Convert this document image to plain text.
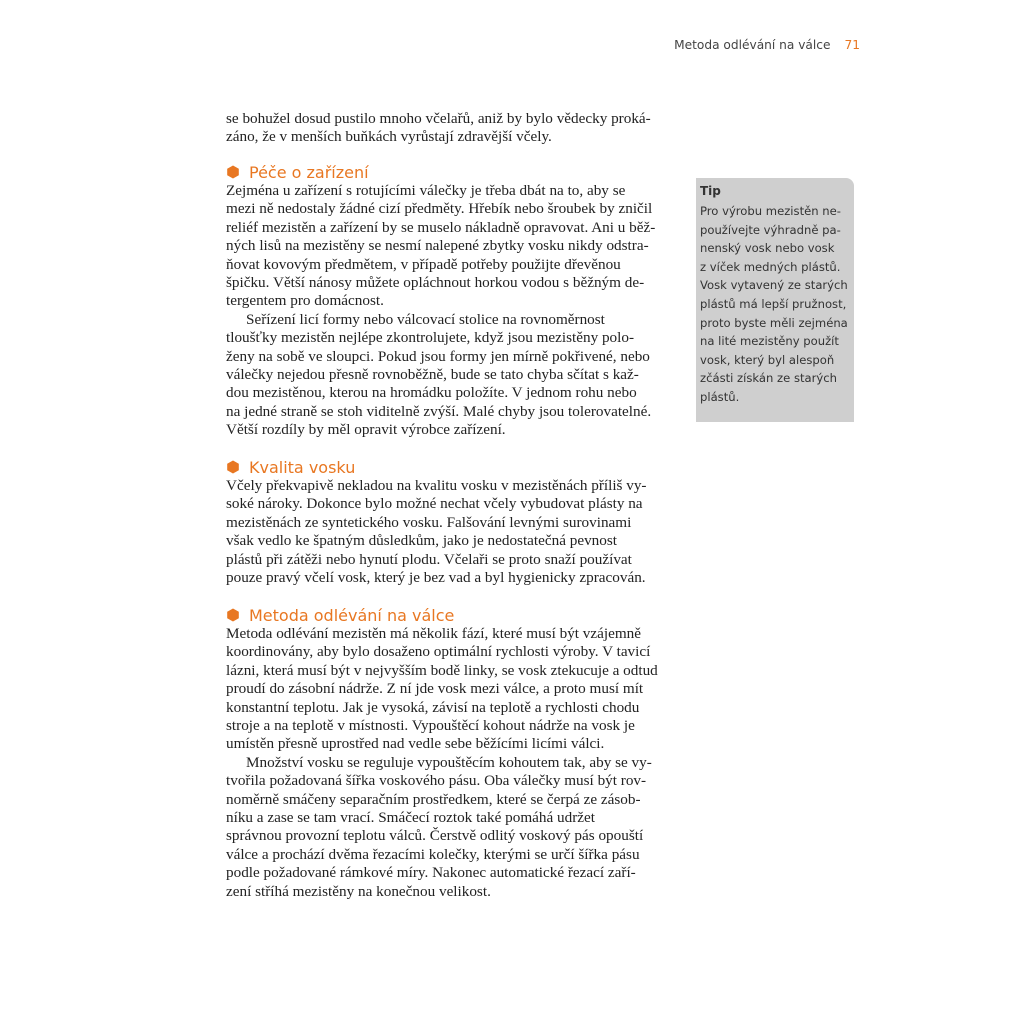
Metoda odlévání na válce 71
se bohužel dosud pustilo mnoho včelařů, aniž by bylo vědecky proká-
záno, že v menších buňkách vyrůstají zdravější včely.
Péče o zařízení
Zejména u zařízení s rotujícími válečky je třeba dbát na to, aby se
mezi ně nedostaly žádné cizí předměty. Hřebík nebo šroubek by zničil
reliéf mezistěn a zařízení by se muselo nákladně opravovat. Ani u běž-
ných lisů na mezistěny se nesmí nalepené zbytky vosku nikdy odstra-
ňovat kovovým předmětem, v případě potřeby použijte dřevěnou
špičku. Větší nánosy můžete opláchnout horkou vodou s běžným de-
tergentem pro domácnost.
Seřízení licí formy nebo válcovací stolice na rovnoměrnost
tloušťky mezistěn nejlépe zkontrolujete, když jsou mezistěny polo-
ženy na sobě ve sloupci. Pokud jsou formy jen mírně pokřivené, nebo
válečky nejedou přesně rovnoběžně, bude se tato chyba sčítat s kaž-
dou mezistěnou, kterou na hromádku položíte. V jednom rohu nebo
na jedné straně se stoh viditelně zvýší. Malé chyby jsou tolerovatelné.
Větší rozdíly by měl opravit výrobce zařízení.
Kvalita vosku
Včely překvapivě nekladou na kvalitu vosku v mezistěnách příliš vy-
soké nároky. Dokonce bylo možné nechat včely vybudovat plásty na
mezistěnách ze syntetického vosku. Falšování levnými surovinami
však vedlo ke špatným důsledkům, jako je nedostatečná pevnost
plástů při zátěži nebo hynutí plodu. Včelaři se proto snaží používat
pouze pravý včelí vosk, který je bez vad a byl hygienicky zpracován.
Metoda odlévání na válce
Metoda odlévání mezistěn má několik fází, které musí být vzájemně
koordinovány, aby bylo dosaženo optimální rychlosti výroby. V tavicí
lázni, která musí být v nejvyšším bodě linky, se vosk ztekucuje a odtud
proudí do zásobní nádrže. Z ní jde vosk mezi válce, a proto musí mít
konstantní teplotu. Jak je vysoká, závisí na teplotě a rychlosti chodu
stroje a na teplotě v místnosti. Vypouštěcí kohout nádrže na vosk je
umístěn přesně uprostřed nad vedle sebe běžícími licími válci.
Množství vosku se reguluje vypouštěcím kohoutem tak, aby se vy-
tvořila požadovaná šířka voskového pásu. Oba válečky musí být rov-
noměrně smáčeny separačním prostředkem, které se čerpá ze zásob-
níku a zase se tam vrací. Smáčecí roztok také pomáhá udržet
správnou provozní teplotu válců. Čerstvě odlitý voskový pás opouští
válce a prochází dvěma řezacími kolečky, kterými se určí šířka pásu
podle požadované rámkové míry. Nakonec automatické řezací zaří-
zení stříhá mezistěny na konečnou velikost.
Tip
Pro výrobu mezistěn ne-
používejte výhradně pa-
nenský vosk nebo vosk
z víček medných plástů.
Vosk vytavený ze starých
plástů má lepší pružnost,
proto byste měli zejména
na lité mezistěny použít
vosk, který byl alespoň
zčásti získán ze starých
plástů.
